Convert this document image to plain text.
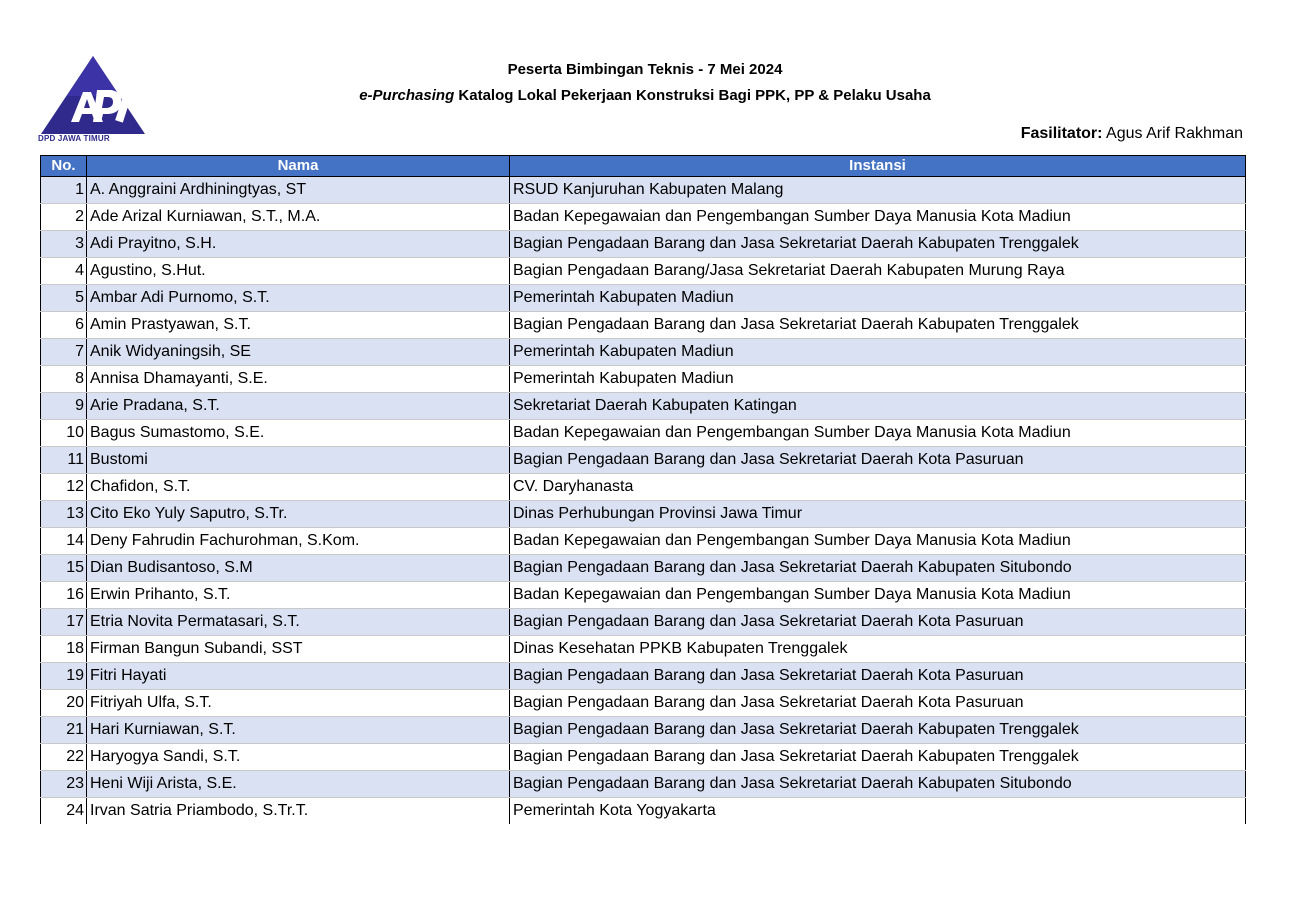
DPD JAWA TIMUR
Peserta Bimbingan Teknis - 7 Mei 2024
e-Purchasing Katalog Lokal Pekerjaan Konstruksi Bagi PPK, PP & Pelaku Usaha
Fasilitator: Agus Arif Rakhman
No.	Nama	Instansi
1	A. Anggraini Ardhiningtyas, ST	RSUD Kanjuruhan Kabupaten Malang
2	Ade Arizal Kurniawan, S.T., M.A.	Badan Kepegawaian dan Pengembangan Sumber Daya Manusia Kota Madiun
3	Adi Prayitno, S.H.	Bagian Pengadaan Barang dan Jasa Sekretariat Daerah Kabupaten Trenggalek
4	Agustino, S.Hut.	Bagian Pengadaan Barang/Jasa Sekretariat Daerah Kabupaten Murung Raya
5	Ambar Adi Purnomo, S.T.	Pemerintah Kabupaten Madiun
6	Amin Prastyawan, S.T.	Bagian Pengadaan Barang dan Jasa Sekretariat Daerah Kabupaten Trenggalek
7	Anik Widyaningsih, SE	Pemerintah Kabupaten Madiun
8	Annisa Dhamayanti, S.E.	Pemerintah Kabupaten Madiun
9	Arie Pradana, S.T.	Sekretariat Daerah Kabupaten Katingan
10	Bagus Sumastomo, S.E.	Badan Kepegawaian dan Pengembangan Sumber Daya Manusia Kota Madiun
11	Bustomi	Bagian Pengadaan Barang dan Jasa Sekretariat Daerah Kota Pasuruan
12	Chafidon, S.T.	CV. Daryhanasta
13	Cito Eko Yuly Saputro, S.Tr.	Dinas Perhubungan Provinsi Jawa Timur
14	Deny Fahrudin Fachurohman, S.Kom.	Badan Kepegawaian dan Pengembangan Sumber Daya Manusia Kota Madiun
15	Dian Budisantoso, S.M	Bagian Pengadaan Barang dan Jasa Sekretariat Daerah Kabupaten Situbondo
16	Erwin Prihanto, S.T.	Badan Kepegawaian dan Pengembangan Sumber Daya Manusia Kota Madiun
17	Etria Novita Permatasari, S.T.	Bagian Pengadaan Barang dan Jasa Sekretariat Daerah Kota Pasuruan
18	Firman Bangun Subandi, SST	Dinas Kesehatan PPKB Kabupaten Trenggalek
19	Fitri Hayati	Bagian Pengadaan Barang dan Jasa Sekretariat Daerah Kota Pasuruan
20	Fitriyah Ulfa, S.T.	Bagian Pengadaan Barang dan Jasa Sekretariat Daerah Kota Pasuruan
21	Hari Kurniawan, S.T.	Bagian Pengadaan Barang dan Jasa Sekretariat Daerah Kabupaten Trenggalek
22	Haryogya Sandi, S.T.	Bagian Pengadaan Barang dan Jasa Sekretariat Daerah Kabupaten Trenggalek
23	Heni Wiji Arista, S.E.	Bagian Pengadaan Barang dan Jasa Sekretariat Daerah Kabupaten Situbondo
24	Irvan Satria Priambodo, S.Tr.T.	Pemerintah Kota Yogyakarta
